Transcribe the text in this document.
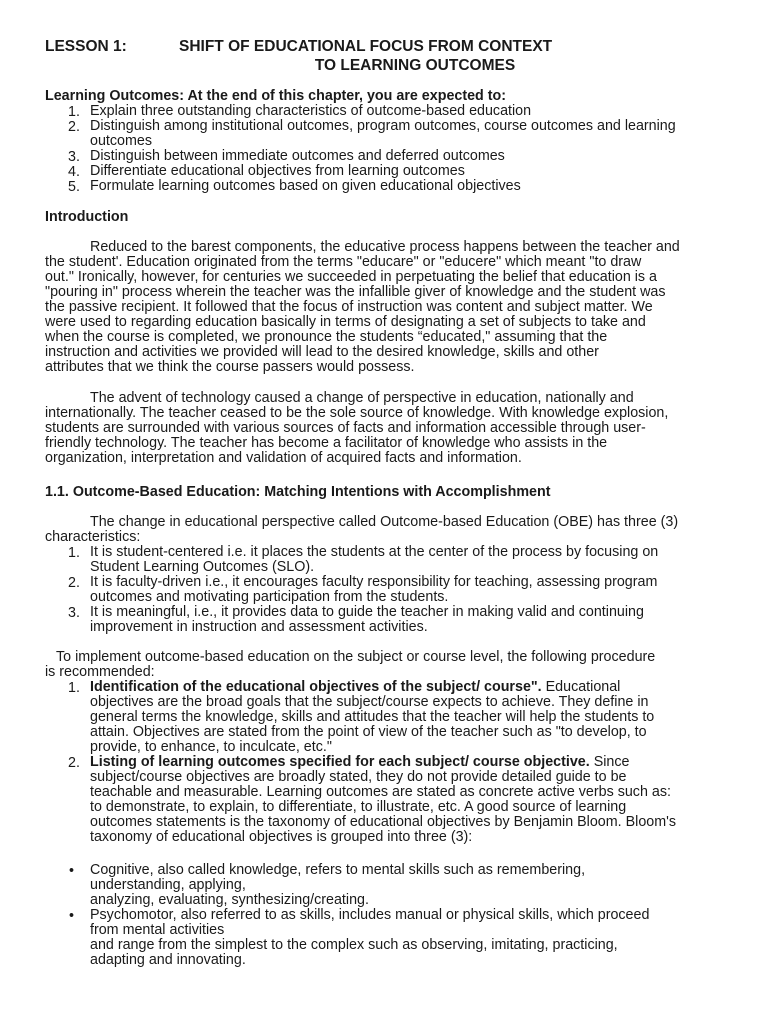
LESSON 1:	SHIFT OF EDUCATIONAL FOCUS FROM CONTEXT
TO LEARNING OUTCOMES
Learning Outcomes: At the end of this chapter, you are expected to:
1. Explain three outstanding characteristics of outcome-based education
2. Distinguish among institutional outcomes, program outcomes, course outcomes and learning
outcomes
3. Distinguish between immediate outcomes and deferred outcomes
4. Differentiate educational objectives from learning outcomes
5. Formulate learning outcomes based on given educational objectives
Introduction
Reduced to the barest components, the educative process happens between the teacher and
the student'. Education originated from the terms "educare" or "educere" which meant "to draw
out." Ironically, however, for centuries we succeeded in perpetuating the belief that education is a
"pouring in" process wherein the teacher was the infallible giver of knowledge and the student was
the passive recipient. It followed that the focus of instruction was content and subject matter. We
were used to regarding education basically in terms of designating a set of subjects to take and
when the course is completed, we pronounce the students “educated," assuming that the
instruction and activities we provided will lead to the desired knowledge, skills and other
attributes that we think the course passers would possess.
The advent of technology caused a change of perspective in education, nationally and
internationally. The teacher ceased to be the sole source of knowledge. With knowledge explosion,
students are surrounded with various sources of facts and information accessible through user-
friendly technology. The teacher has become a facilitator of knowledge who assists in the
organization, interpretation and validation of acquired facts and information.
1.1. Outcome-Based Education: Matching Intentions with Accomplishment
The change in educational perspective called Outcome-based Education (OBE) has three (3)
characteristics:
1. It is student-centered i.e. it places the students at the center of the process by focusing on
Student Learning Outcomes (SLO).
2. It is faculty-driven i.e., it encourages faculty responsibility for teaching, assessing program
outcomes and motivating participation from the students.
3. It is meaningful, i.e., it provides data to guide the teacher in making valid and continuing
improvement in instruction and assessment activities.
To implement outcome-based education on the subject or course level, the following procedure
is recommended:
1. Identification of the educational objectives of the subject/ course". Educational
objectives are the broad goals that the subject/course expects to achieve. They define in
general terms the knowledge, skills and attitudes that the teacher will help the students to
attain. Objectives are stated from the point of view of the teacher such as "to develop, to
provide, to enhance, to inculcate, etc."
2. Listing of learning outcomes specified for each subject/ course objective. Since
subject/course objectives are broadly stated, they do not provide detailed guide to be
teachable and measurable. Learning outcomes are stated as concrete active verbs such as:
to demonstrate, to explain, to differentiate, to illustrate, etc. A good source of learning
outcomes statements is the taxonomy of educational objectives by Benjamin Bloom. Bloom's
taxonomy of educational objectives is grouped into three (3):
• Cognitive, also called knowledge, refers to mental skills such as remembering,
understanding, applying,
analyzing, evaluating, synthesizing/creating.
• Psychomotor, also referred to as skills, includes manual or physical skills, which proceed
from mental activities
and range from the simplest to the complex such as observing, imitating, practicing,
adapting and innovating.
